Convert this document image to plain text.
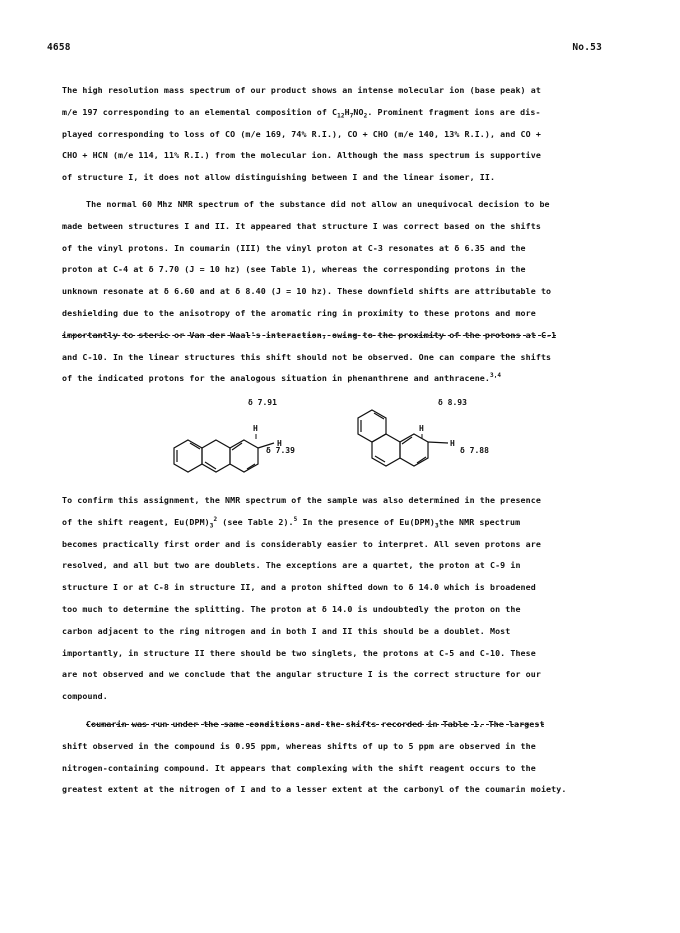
4658	No.53
The high resolution mass spectrum of our product shows an intense molecular ion (base peak) at
m/e 197 corresponding to an elemental composition of $C_{12}H_7NO_2$. Prominent fragment ions are dis-
played corresponding to loss of CO (m/e 169, 74% R.I.), CO + CHO (m/e 140, 13% R.I.), and CO +
CHO + HCN (m/e 114, 11% R.I.) from the molecular ion. Although the mass spectrum is supportive
of structure I, it does not allow distinguishing between I and the linear isomer, II.
The normal 60 Mhz NMR spectrum of the substance did not allow an unequivocal decision to be
made between structures I and II. It appeared that structure I was correct based on the shifts
of the vinyl protons. In coumarin (III) the vinyl proton at C-3 resonates at δ 6.35 and the
proton at C-4 at δ 7.70 (J = 10 hz) (see Table 1), whereas the corresponding protons in the
unknown resonate at δ 6.60 and at δ 8.40 (J = 10 hz). These downfield shifts are attributable to
deshielding due to the anisotropy of the aromatic ring in proximity to these protons and more
importantly to steric or Van der Waal's interaction, owing to the proximity of the protons at C-1
and C-10. In the linear structures this shift should not be observed. One can compare the shifts
of the indicated protons for the analogous situation in phenanthrene and anthracene.$^{3,4}$
δ 7.91
δ 7.39
H
H
δ 8.93
δ 7.88
H
H
To confirm this assignment, the NMR spectrum of the sample was also determined in the presence
of the shift reagent, $Eu(DPM)_3^2$ (see Table 2).$^5$ In the presence of $Eu(DPM)_3the$ NMR spectrum
becomes practically first order and is considerably easier to interpret. All seven protons are
resolved, and all but two are doublets. The exceptions are a quartet, the proton at C-9 in
structure I or at C-8 in structure II, and a proton shifted down to δ 14.0 which is broadened
too much to determine the splitting. The proton at δ 14.0 is undoubtedly the proton on the
carbon adjacent to the ring nitrogen and in both I and II this should be a doublet. Most
importantly, in structure II there should be two singlets, the protons at C-5 and C-10. These
are not observed and we conclude that the angular structure I is the correct structure for our
compound.
Coumarin was run under the same conditions and the shifts recorded in Table 1. The largest
shift observed in the compound is 0.95 ppm, whereas shifts of up to 5 ppm are observed in the
nitrogen-containing compound. It appears that complexing with the shift reagent occurs to the
greatest extent at the nitrogen of I and to a lesser extent at the carbonyl of the coumarin moiety.
